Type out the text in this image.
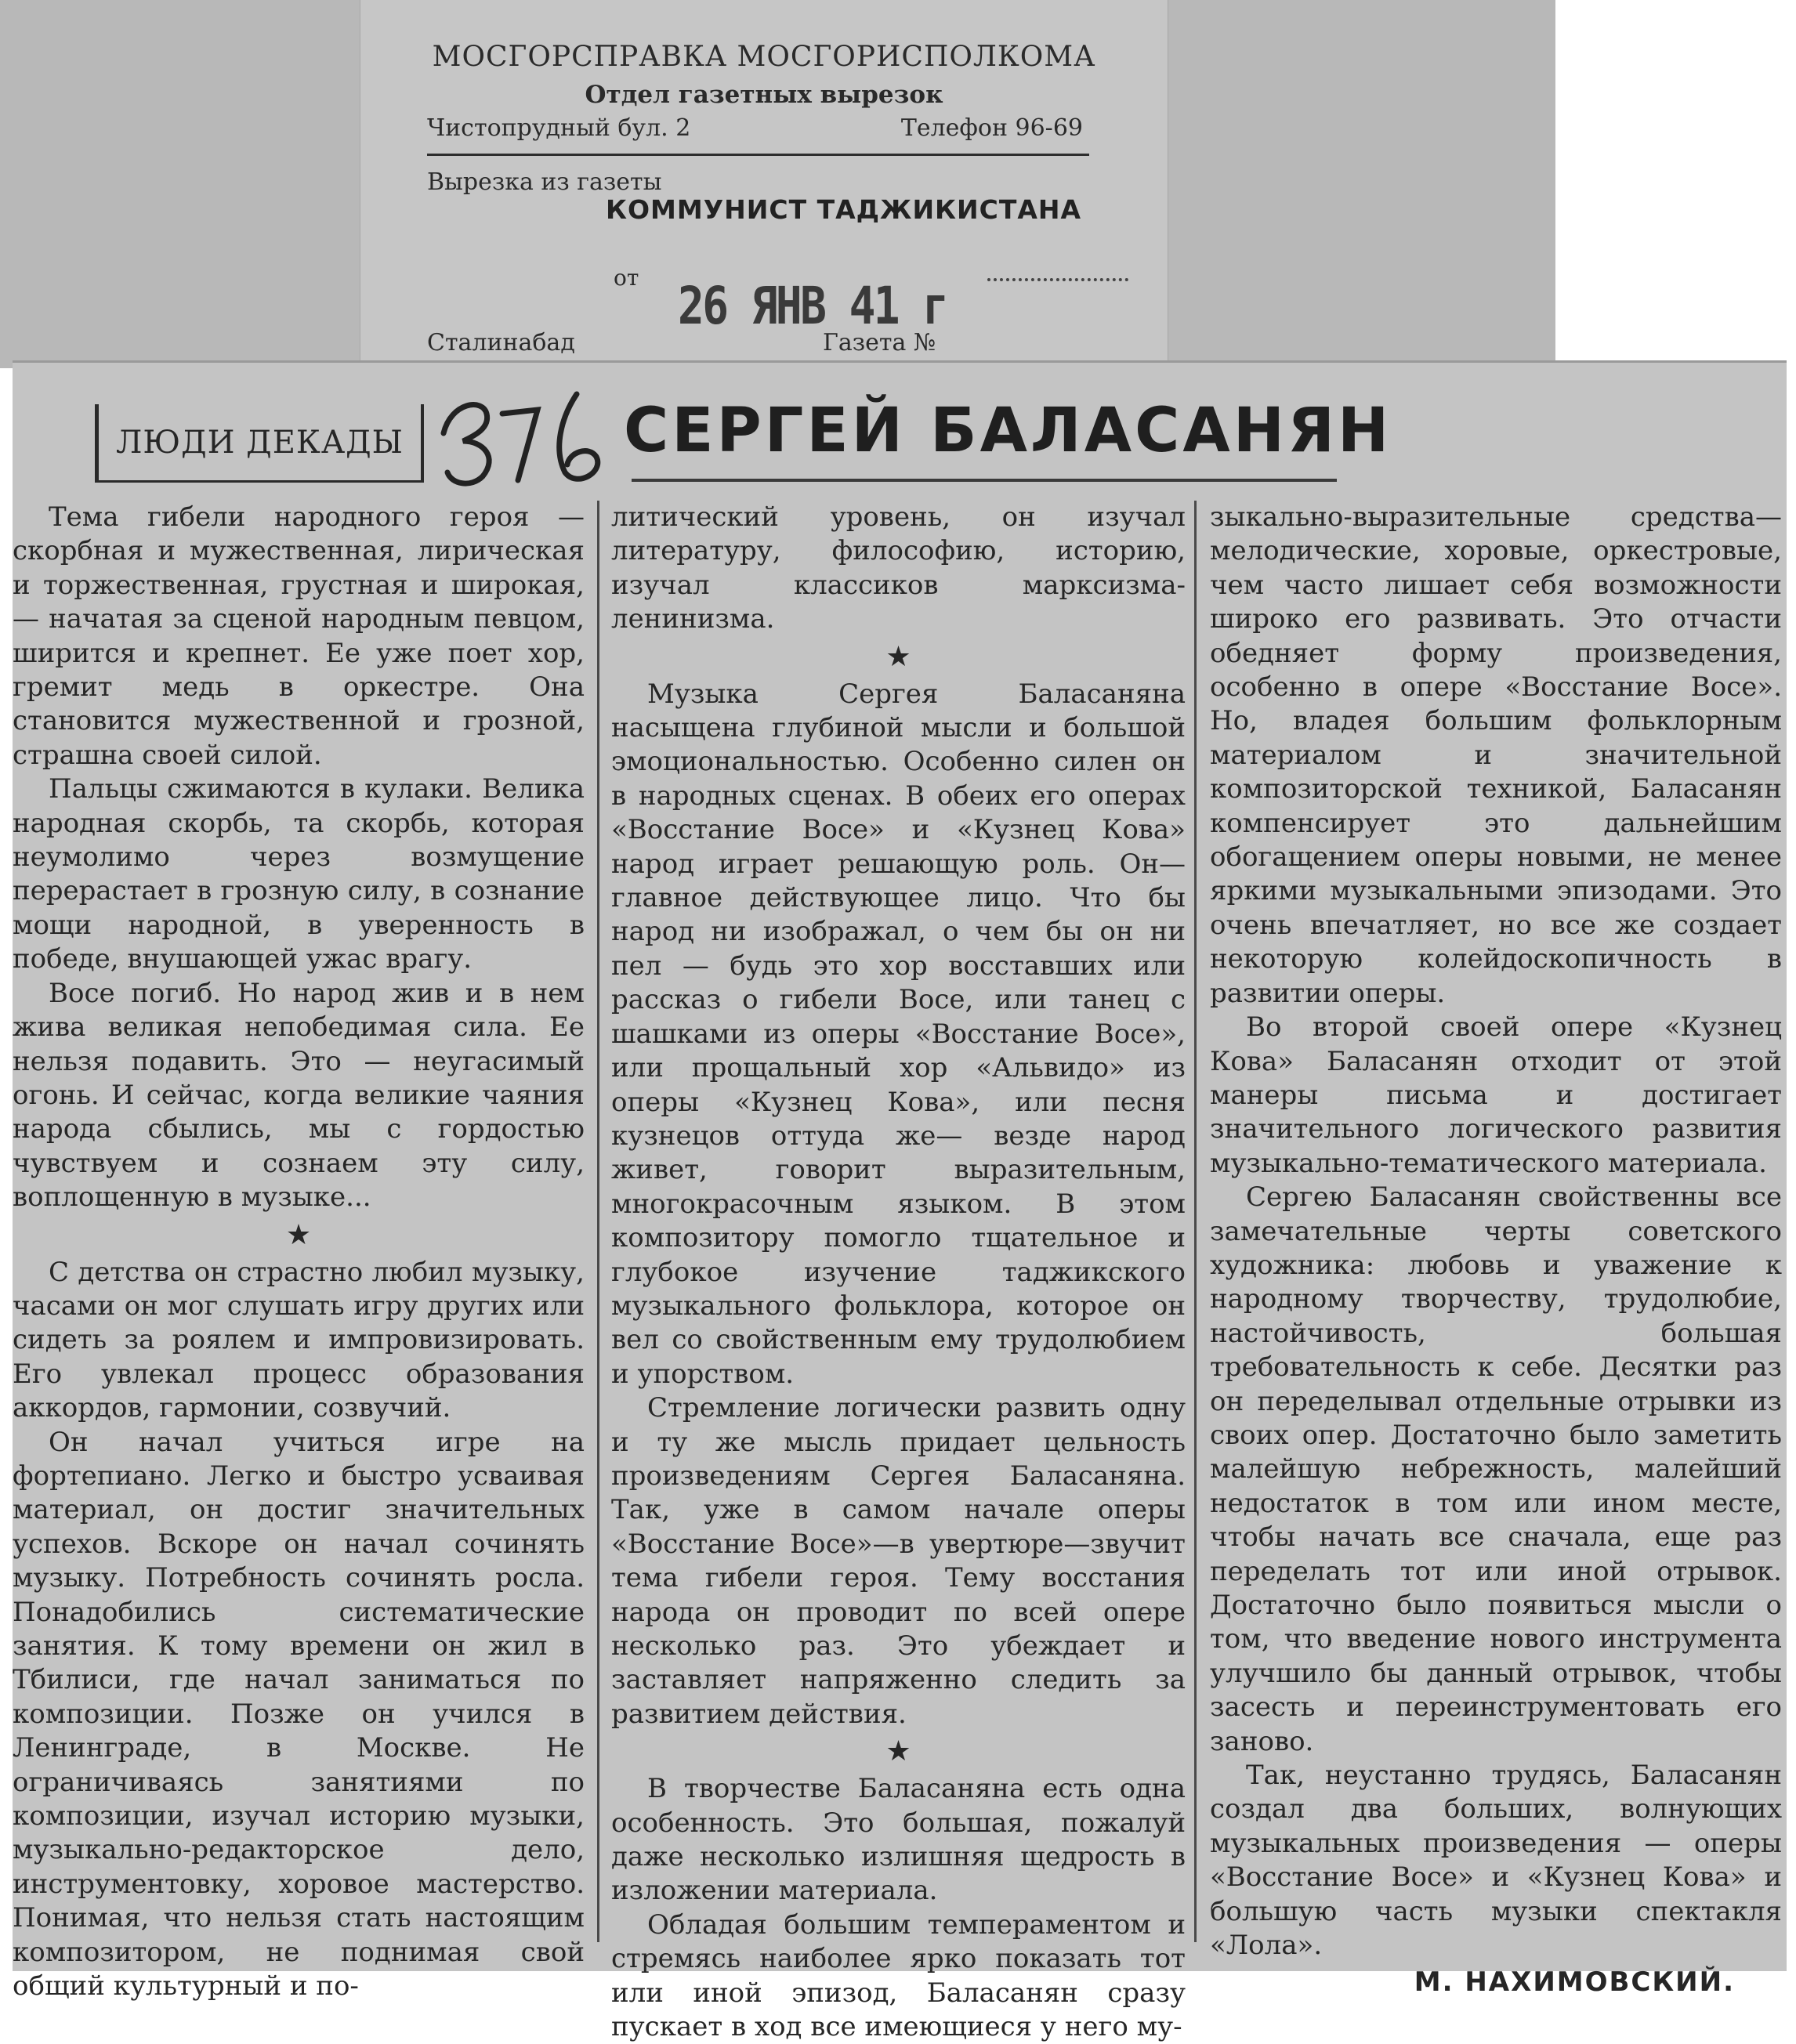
МОСГОРСПРАВКА МОСГОРИСПОЛКОМА
Отдел газетных вырезок
Чистопрудный бул. 2	Телефон 96-69
Вырезка из газеты
КОММУНИСТ ТАДЖИКИСТАНА
от 26 ЯНВ 41 г
Сталинабад	Газета №
ЛЮДИ ДЕКАДЫ	СЕРГЕЙ БАЛАСАНЯН

Тема гибели народного героя — скорбная и мужественная, лирическая и торжественная, грустная и широкая, — начатая за сценой народным певцом, ширится и крепнет. Ее уже поет хор, гремит медь в оркестре. Она становится мужественной и грозной, страшна своей силой.

Пальцы сжимаются в кулаки. Велика народная скорбь, та скорбь, которая неумолимо через возмущение перерастает в грозную силу, в сознание мощи народной, в уверенность в победе, внушающей ужас врагу.

Восе погиб. Но народ жив и в нем жива великая непобедимая сила. Ее нельзя подавить. Это — неугасимый огонь. И сейчас, когда великие чаяния народа сбылись, мы с гордостью чувствуем и сознаем эту силу, воплощенную в музыке...

★

С детства он страстно любил музыку, часами он мог слушать игру других или сидеть за роялем и импровизировать. Его увлекал процесс образования аккордов, гармонии, созвучий.

Он начал учиться игре на фортепиано. Легко и быстро усваивая материал, он достиг значительных успехов. Вскоре он начал сочинять музыку. Потребность сочинять росла. Понадобились систематические занятия. К тому времени он жил в Тбилиси, где начал заниматься по композиции. Позже он учился в Ленинграде, в Москве. Не ограничиваясь занятиями по композиции, изучал историю музыки, музыкально-редакторское дело, инструментовку, хоровое мастерство. Понимая, что нельзя стать настоящим композитором, не поднимая свой общий культурный и по-

литический уровень, он изучал литературу, философию, историю, изучал классиков марксизма-ленинизма.

★

Музыка Сергея Баласаняна насыщена глубиной мысли и большой эмоциональностью. Особенно силен он в народных сценах. В обеих его операх «Восстание Восе» и «Кузнец Кова» народ играет решающую роль. Он—главное действующее лицо. Что бы народ ни изображал, о чем бы он ни пел — будь это хор восставших или рассказ о гибели Восе, или танец с шашками из оперы «Восстание Восе», или прощальный хор «Альвидо» из оперы «Кузнец Кова», или песня кузнецов оттуда же— везде народ живет, говорит выразительным, многокрасочным языком. В этом композитору помогло тщательное и глубокое изучение таджикского музыкального фольклора, которое он вел со свойственным ему трудолюбием и упорством.

Стремление логически развить одну и ту же мысль придает цельность произведениям Сергея Баласаняна. Так, уже в самом начале оперы «Восстание Восе»—в увертюре—звучит тема гибели героя. Тему восстания народа он проводит по всей опере несколько раз. Это убеждает и заставляет напряженно следить за развитием действия.

★

В творчестве Баласаняна есть одна особенность. Это большая, пожалуй даже несколько излишняя щедрость в изложении материала.

Обладая большим темпераментом и стремясь наиболее ярко показать тот или иной эпизод, Баласанян сразу пускает в ход все имеющиеся у него му-

зыкально-выразительные средства—мелодические, хоровые, оркестровые, чем часто лишает себя возможности широко его развивать. Это отчасти обедняет форму произведения, особенно в опере «Восстание Восе». Но, владея большим фольклорным материалом и значительной композиторской техникой, Баласанян компенсирует это дальнейшим обогащением оперы новыми, не менее яркими музыкальными эпизодами. Это очень впечатляет, но все же создает некоторую колейдоскопичность в развитии оперы.

Во второй своей опере «Кузнец Кова» Баласанян отходит от этой манеры письма и достигает значительного логического развития музыкально-тематического материала.

Сергею Баласанян свойственны все замечательные черты советского художника: любовь и уважение к народному творчеству, трудолюбие, настойчивость, большая требовательность к себе. Десятки раз он переделывал отдельные отрывки из своих опер. Достаточно было заметить малейшую небрежность, малейший недостаток в том или ином месте, чтобы начать все сначала, еще раз переделать тот или иной отрывок. Достаточно было появиться мысли о том, что введение нового инструмента улучшило бы данный отрывок, чтобы засесть и переинструментовать его заново.

Так, неустанно трудясь, Баласанян создал два больших, волнующих музыкальных произведения — оперы «Восстание Восе» и «Кузнец Кова» и большую часть музыки спектакля «Лола».

М. НАХИМОВСКИЙ.
